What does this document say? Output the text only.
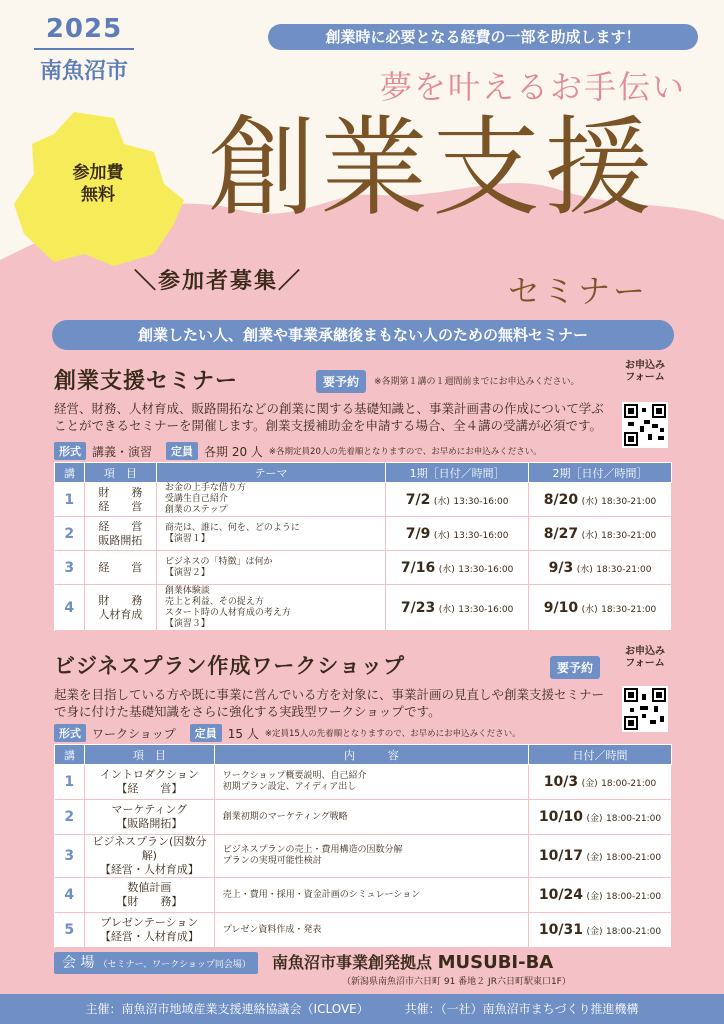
2025
南魚沼市
創業時に必要となる経費の一部を助成します！
参加費
無料
夢を叶えるお手伝い
創業支援
＼参加者募集／	セミナー
創業したい人、創業や事業承継後まもない人のための無料セミナー
創業支援セミナー	要予約	※各期第１講の１週間前までにお申込みください。
お申込み
フォーム
経営、財務、人材育成、販路開拓などの創業に関する基礎知識と、事業計画書の作成について学ぶことができるセミナーを開催します。創業支援補助金を申請する場合、全４講の受講が必須です。
形式 講義・演習	定員 各期 20 人 ※各期定員20人の先着順となりますので、お早めにお申込みください。
講	項　目	テーマ	1期［日付／時間］	2期［日付／時間］
1	財　　務
経　　営	お金の上手な借り方
受講生自己紹介
創業のステップ	7/2 (水) 13:30-16:00	8/20 (水) 18:30-21:00
2	経　　営
販路開拓	商売は、誰に、何を、どのように
【演習１】	7/9 (水) 13:30-16:00	8/27 (水) 18:30-21:00
3	経　　営	ビジネスの「特徴」は何か
【演習２】	7/16 (水) 13:30-16:00	9/3 (水) 18:30-21:00
4	財　　務
人材育成	創業体験談
売上と利益、その捉え方
スタート時の人材育成の考え方
【演習３】	7/23 (水) 13:30-16:00	9/10 (水) 18:30-21:00
ビジネスプラン作成ワークショップ	要予約
お申込み
フォーム
起業を目指している方や既に事業に営んでいる方を対象に、事業計画の見直しや創業支援セミナーで身に付けた基礎知識をさらに強化する実践型ワークショップです。
形式 ワークショップ	定員 15 人 ※定員15人の先着順となりますので、お早めにお申込みください。
講	項　目	内　　　容	日付／時間
1	イントロダクション
【経　　営】	ワークショップ概要説明、自己紹介
初期プラン設定、アイディア出し	10/3 (金) 18:00-21:00
2	マーケティング
【販路開拓】	創業初期のマーケティング戦略	10/10 (金) 18:00-21:00
3	ビジネスプラン(因数分解)
【経営・人材育成】	ビジネスプランの売上・費用構造の因数分解
プランの実現可能性検討	10/17 (金) 18:00-21:00
4	数値計画
【財　　務】	売上・費用・採用・資金計画のシミュレーション	10/24 (金) 18:00-21:00
5	プレゼンテーション
【経営・人材育成】	プレゼン資料作成・発表	10/31 (金) 18:00-21:00
会 場 （セミナー、ワークショップ同会場）	南魚沼市事業創発拠点 MUSUBI-BA
（新潟県南魚沼市六日町 91 番地２ JR六日町駅東口1F）
主催：南魚沼市地域産業支援連絡協議会（ICLOVE）	共催：（一社）南魚沼市まちづくり推進機構
